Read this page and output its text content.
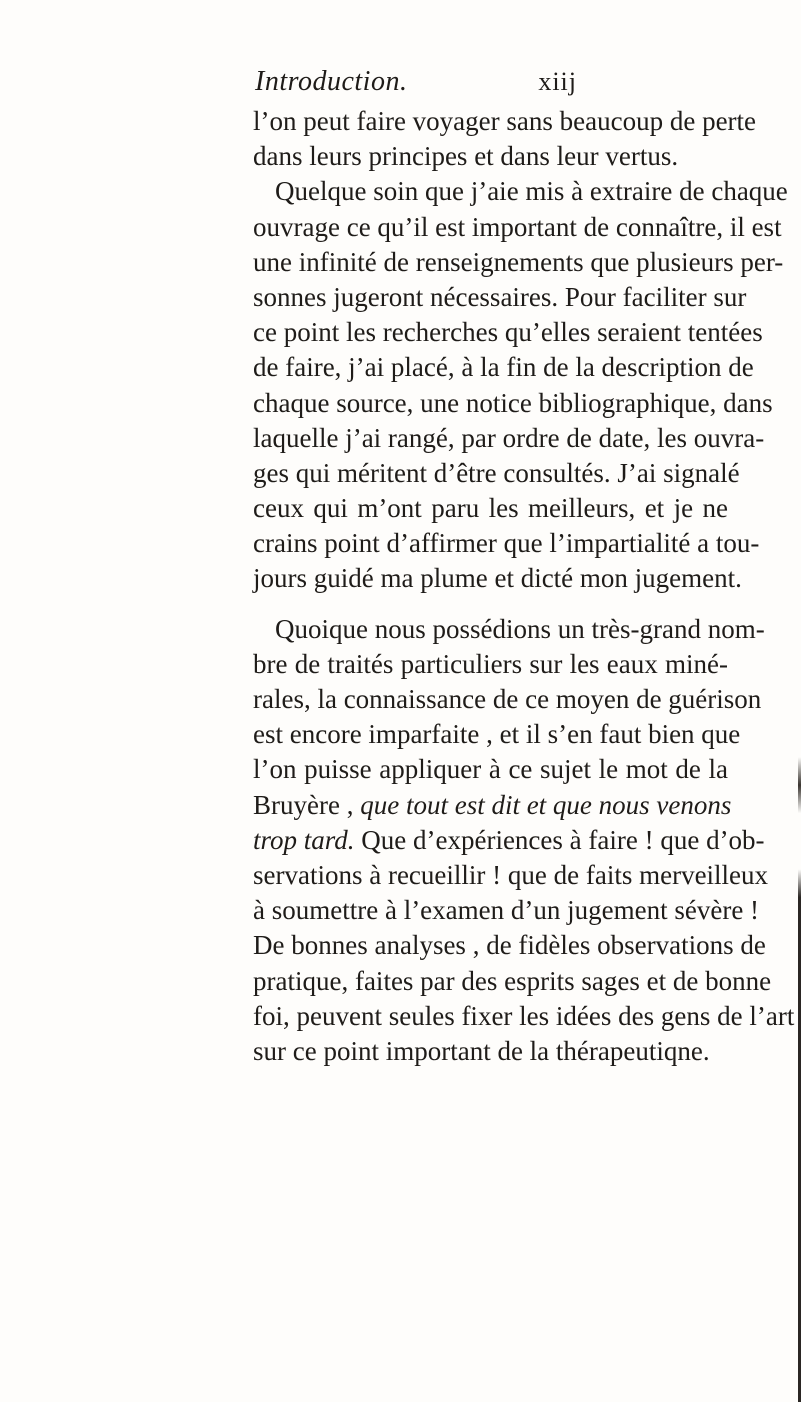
Introduction.	xiij
l’on peut faire voyager sans beaucoup de perte
dans leurs principes et dans leur vertus.
Quelque soin que j’aie mis à extraire de chaque
ouvrage ce qu’il est important de connaître, il est
une infinité de renseignements que plusieurs per-
sonnes jugeront nécessaires. Pour faciliter sur
ce point les recherches qu’elles seraient tentées
de faire, j’ai placé, à la fin de la description de
chaque source, une notice bibliographique, dans
laquelle j’ai rangé, par ordre de date, les ouvra-
ges qui méritent d’être consultés. J’ai signalé
ceux qui m’ont paru les meilleurs, et je ne
crains point d’affirmer que l’impartialité a tou-
jours guidé ma plume et dicté mon jugement.
Quoique nous possédions un très-grand nom-
bre de traités particuliers sur les eaux miné-
rales, la connaissance de ce moyen de guérison
est encore imparfaite , et il s’en faut bien que
l’on puisse appliquer à ce sujet le mot de la
Bruyère , que tout est dit et que nous venons
trop tard. Que d’expériences à faire ! que d’ob-
servations à recueillir ! que de faits merveilleux
à soumettre à l’examen d’un jugement sévère !
De bonnes analyses , de fidèles observations de
pratique, faites par des esprits sages et de bonne
foi, peuvent seules fixer les idées des gens de l’art
sur ce point important de la thérapeutiqne.
